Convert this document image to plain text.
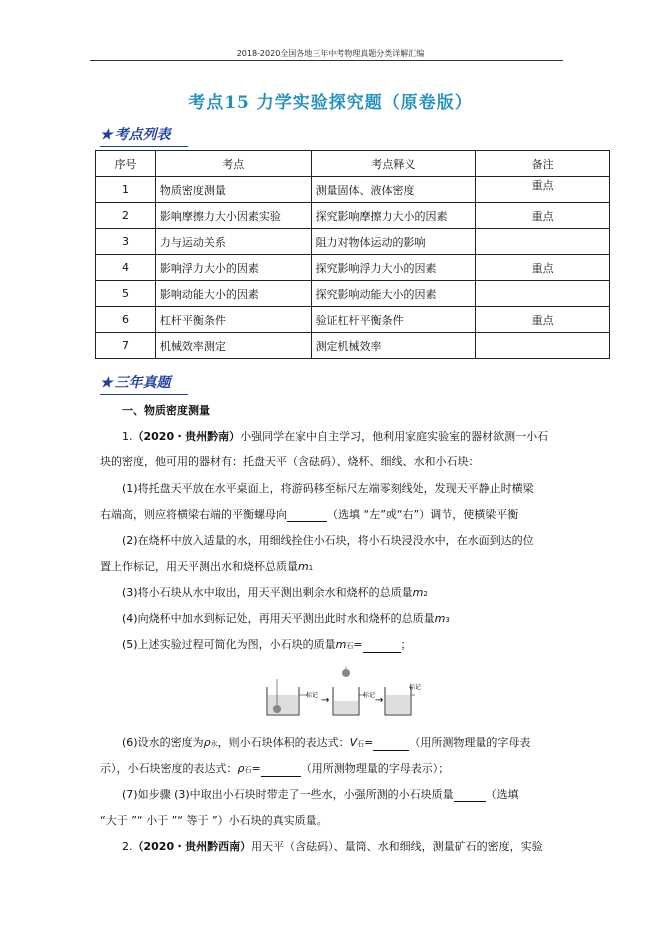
2018-2020全国各地三年中考物理真题分类详解汇编
考点15 力学实验探究题（原卷版）
★ 考点列表
序号	考点	考点释义	备注
1	物质密度测量	测量固体、液体密度	重点
2	影响摩擦力大小因素实验	探究影响摩擦力大小的因素	重点
3	力与运动关系	阻力对物体运动的影响	
4	影响浮力大小的因素	探究影响浮力大小的因素	重点
5	影响动能大小的因素	探究影响动能大小的因素	
6	杠杆平衡条件	验证杠杆平衡条件	重点
7	机械效率测定	测定机械效率	
★ 三年真题
一、物质密度测量
1.（2020・贵州黔南）小强同学在家中自主学习，他利用家庭实验室的器材欲测一小石
块的密度，他可用的器材有：托盘天平（含砝码）、烧杯、细线、水和小石块：
(1)将托盘天平放在水平桌面上，将游码移至标尺左端零刻线处，发现天平静止时横梁
右端高，则应将横梁右端的平衡螺母向	（选填 “左”或“右”）调节，使横梁平衡
(2)在烧杯中放入适量的水，用细线拴住小石块，将小石块浸没水中，在水面到达的位
置上作标记，用天平测出水和烧杯总质量m1
(3)将小石块从水中取出，用天平测出剩余水和烧杯的总质量m2
(4)向烧杯中加水到标记处，再用天平测出此时水和烧杯的总质量m3
(5)上述实验过程可简化为图，小石块的质量m石=	；
标记 →	标记 →
标记
(6)设水的密度为ρ水，则小石块体积的表达式：V石=	（用所测物理量的字母表
示），小石块密度的表达式：ρ石=	（用所测物理量的字母表示）；
(7)如步骤 (3)中取出小石块时带走了一些水，小强所测的小石块质量	（选填
“大于 ”“ 小于 ”“ 等于 ”）小石块的真实质量。
2.（2020・贵州黔西南）用天平（含砝码）、量筒、水和细线，测量矿石的密度，实验
